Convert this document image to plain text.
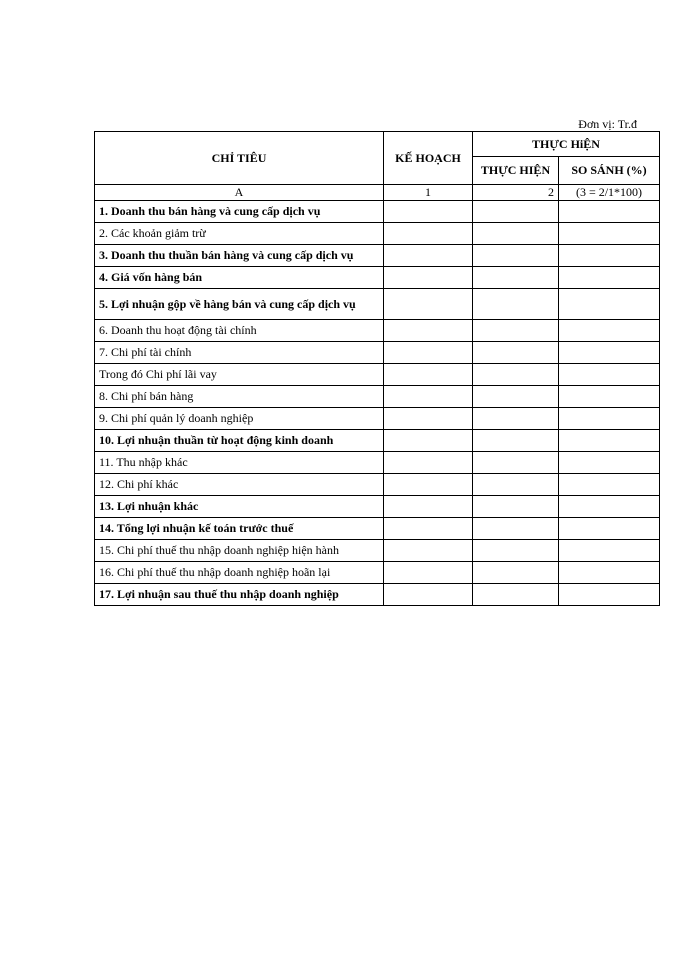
Đơn vị: Tr.đ
CHỈ TIÊU	KẾ HOẠCH	THỰC HiỆN	
		THỰC HIỆN	SO SÁNH (%)
A	1	2	(3 = 2/1*100)
1. Doanh thu bán hàng và cung cấp dịch vụ			
2. Các khoản giảm trừ			
3. Doanh thu thuần bán hàng và cung cấp dịch vụ			
4. Giá vốn hàng bán			
5. Lợi nhuận gộp về hàng bán và cung cấp dịch vụ			
6. Doanh thu hoạt động tài chính			
7. Chi phí tài chính			
Trong đó Chi phí lãi vay			
8. Chi phí bán hàng			
9. Chi phí quản lý doanh nghiệp			
10. Lợi nhuận thuần từ hoạt động kinh doanh			
11. Thu nhập khác			
12. Chi phí khác			
13. Lợi nhuận khác			
14. Tổng lợi nhuận kế toán trước thuế			
15. Chi phí thuế thu nhập doanh nghiệp hiện hành			
16. Chi phí thuế thu nhập doanh nghiệp hoãn lại			
17. Lợi nhuận sau thuế thu nhập doanh nghiệp			
